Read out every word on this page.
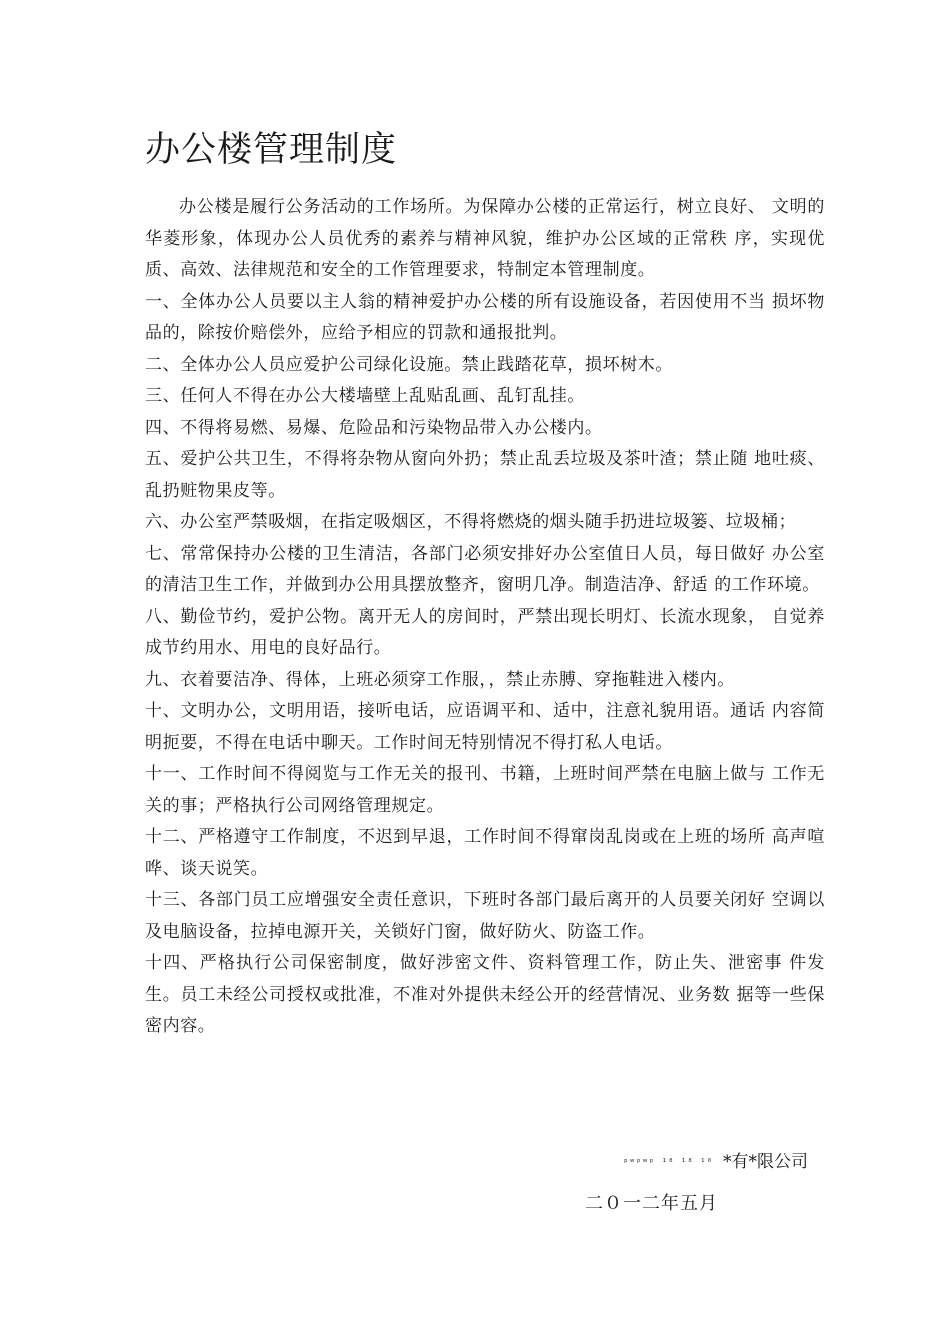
办公楼管理制度

办公楼是履行公务活动的工作场所。为保障办公楼的正常运行，树立良好、 文明的华菱形象，体现办公人员优秀的素养与精神风貌，维护办公区域的正常秩 序，实现优质、高效、法律规范和安全的工作管理要求，特制定本管理制度。

一、全体办公人员要以主人翁的精神爱护办公楼的所有设施设备，若因使用不当 损坏物品的，除按价赔偿外，应给予相应的罚款和通报批判。

二、全体办公人员应爱护公司绿化设施。禁止践踏花草，损坏树木。

三、任何人不得在办公大楼墙壁上乱贴乱画、乱钉乱挂。

四、不得将易燃、易爆、危险品和污染物品带入办公楼内。

五、爱护公共卫生，不得将杂物从窗向外扔；禁止乱丢垃圾及茶叶渣；禁止随 地吐痰、乱扔赃物果皮等。

六、办公室严禁吸烟，在指定吸烟区，不得将燃烧的烟头随手扔进垃圾篓、垃圾桶；

七、常常保持办公楼的卫生清洁，各部门必须安排好办公室值日人员，每日做好 办公室的清洁卫生工作，并做到办公用具摆放整齐，窗明几净。制造洁净、舒适 的工作环境。

八、勤俭节约，爱护公物。离开无人的房间时，严禁出现长明灯、长流水现象， 自觉养成节约用水、用电的良好品行。

九、衣着要洁净、得体，上班必须穿工作服，，禁止赤膊、穿拖鞋进入楼内。

十、文明办公，文明用语，接听电话，应语调平和、适中，注意礼貌用语。通话 内容简明扼要，不得在电话中聊天。工作时间无特别情况不得打私人电话。

十一、工作时间不得阅览与工作无关的报刊、书籍，上班时间严禁在电脑上做与 工作无关的事；严格执行公司网络管理规定。

十二、严格遵守工作制度，不迟到早退，工作时间不得窜岗乱岗或在上班的场所 高声喧哗、谈天说笑。

十三、各部门员工应增强安全责任意识，下班时各部门最后离开的人员要关闭好 空调以及电脑设备，拉掉电源开关，关锁好门窗，做好防火、防盗工作。

十四、严格执行公司保密制度，做好涉密文件、资料管理工作，防止失、泄密事 件发生。员工未经公司授权或批准，不准对外提供未经公开的经营情况、业务数 据等一些保密内容。

ᵖʷᵖʷᵖ ¹⁸ ¹⁸ ¹⁰ *有*限公司
二０一二年五月
